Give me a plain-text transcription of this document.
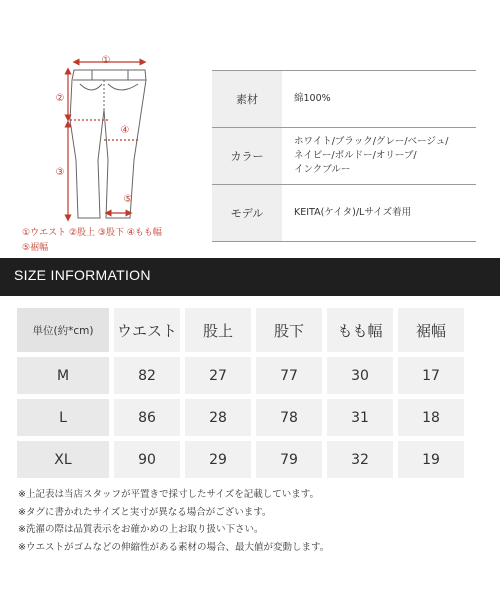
①
②
③
④
⑤
①ウエスト ②股上 ③股下 ④もも幅
⑤裾幅
素材	綿100%

カラー	ホワイト/ブラック/グレー/ベージュ/
ネイビー/ボルドー/オリーブ/
インクブルー

モデル	KEITA(ケイタ)/Lサイズ着用
SIZE INFORMATION
単位(約*cm)	ウエスト	股上	股下	もも幅	裾幅
M	82	27	77	30	17
L	86	28	78	31	18
XL	90	29	79	32	19
※上記表は当店スタッフが平置きで採寸したサイズを記載しています。
※タグに書かれたサイズと実寸が異なる場合がございます。
※洗濯の際は品質表示をお確かめの上お取り扱い下さい。
※ウエストがゴムなどの伸縮性がある素材の場合、最大値が変動します。
